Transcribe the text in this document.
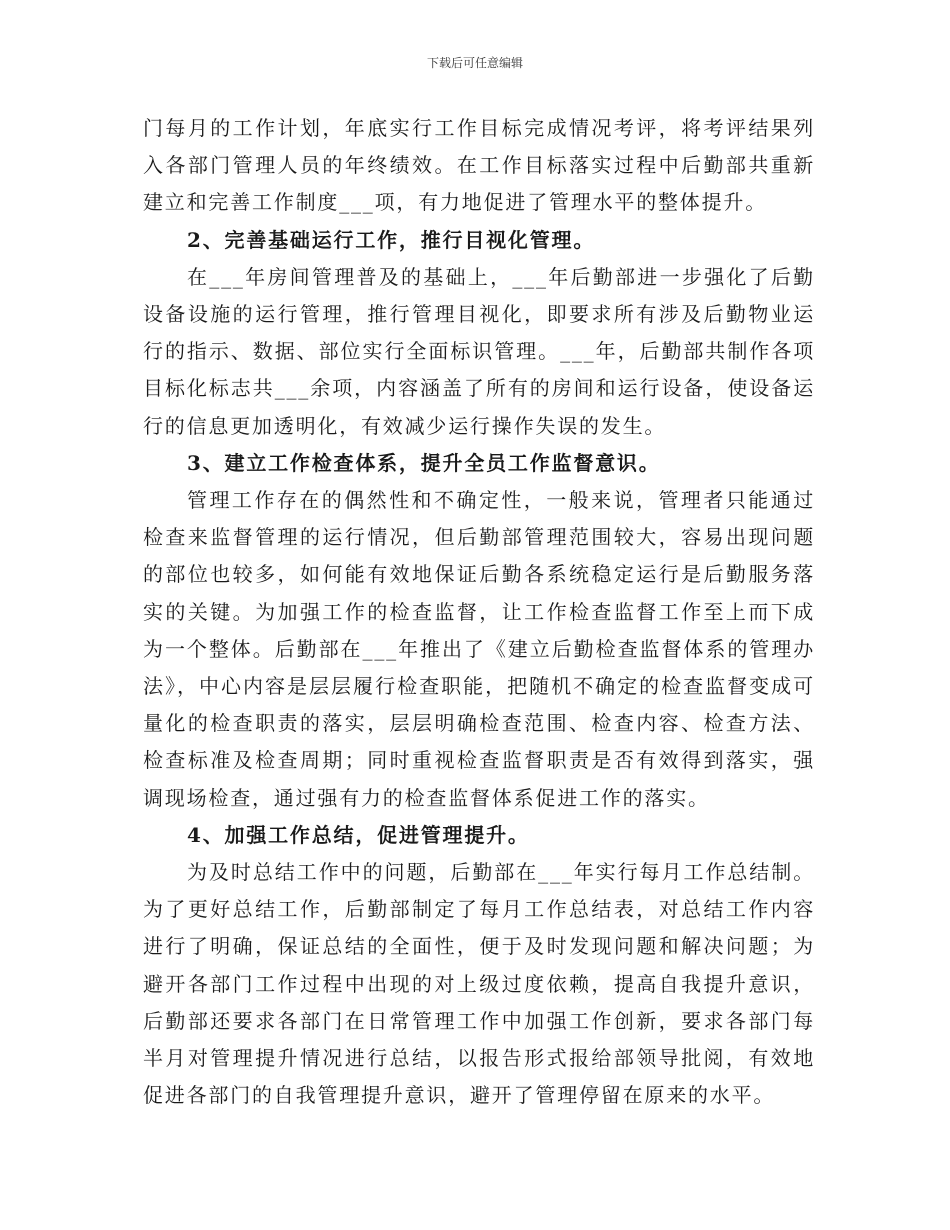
下载后可任意编辑

门每月的工作计划，年底实行工作目标完成情况考评，将考评结果列入各部门管理人员的年终绩效。在工作目标落实过程中后勤部共重新建立和完善工作制度___项，有力地促进了管理水平的整体提升。

2、完善基础运行工作，推行目视化管理。

在___年房间管理普及的基础上，___年后勤部进一步强化了后勤设备设施的运行管理，推行管理目视化，即要求所有涉及后勤物业运行的指示、数据、部位实行全面标识管理。___年，后勤部共制作各项目标化标志共___余项，内容涵盖了所有的房间和运行设备，使设备运行的信息更加透明化，有效减少运行操作失误的发生。

3、建立工作检查体系，提升全员工作监督意识。

管理工作存在的偶然性和不确定性，一般来说，管理者只能通过检查来监督管理的运行情况，但后勤部管理范围较大，容易出现问题的部位也较多，如何能有效地保证后勤各系统稳定运行是后勤服务落实的关键。为加强工作的检查监督，让工作检查监督工作至上而下成为一个整体。后勤部在___年推出了《建立后勤检查监督体系的管理办法》，中心内容是层层履行检查职能，把随机不确定的检查监督变成可量化的检查职责的落实，层层明确检查范围、检查内容、检查方法、检查标准及检查周期；同时重视检查监督职责是否有效得到落实，强调现场检查，通过强有力的检查监督体系促进工作的落实。

4、加强工作总结，促进管理提升。

为及时总结工作中的问题，后勤部在___年实行每月工作总结制。为了更好总结工作，后勤部制定了每月工作总结表，对总结工作内容进行了明确，保证总结的全面性，便于及时发现问题和解决问题；为避开各部门工作过程中出现的对上级过度依赖，提高自我提升意识，后勤部还要求各部门在日常管理工作中加强工作创新，要求各部门每半月对管理提升情况进行总结，以报告形式报给部领导批阅，有效地促进各部门的自我管理提升意识，避开了管理停留在原来的水平。
